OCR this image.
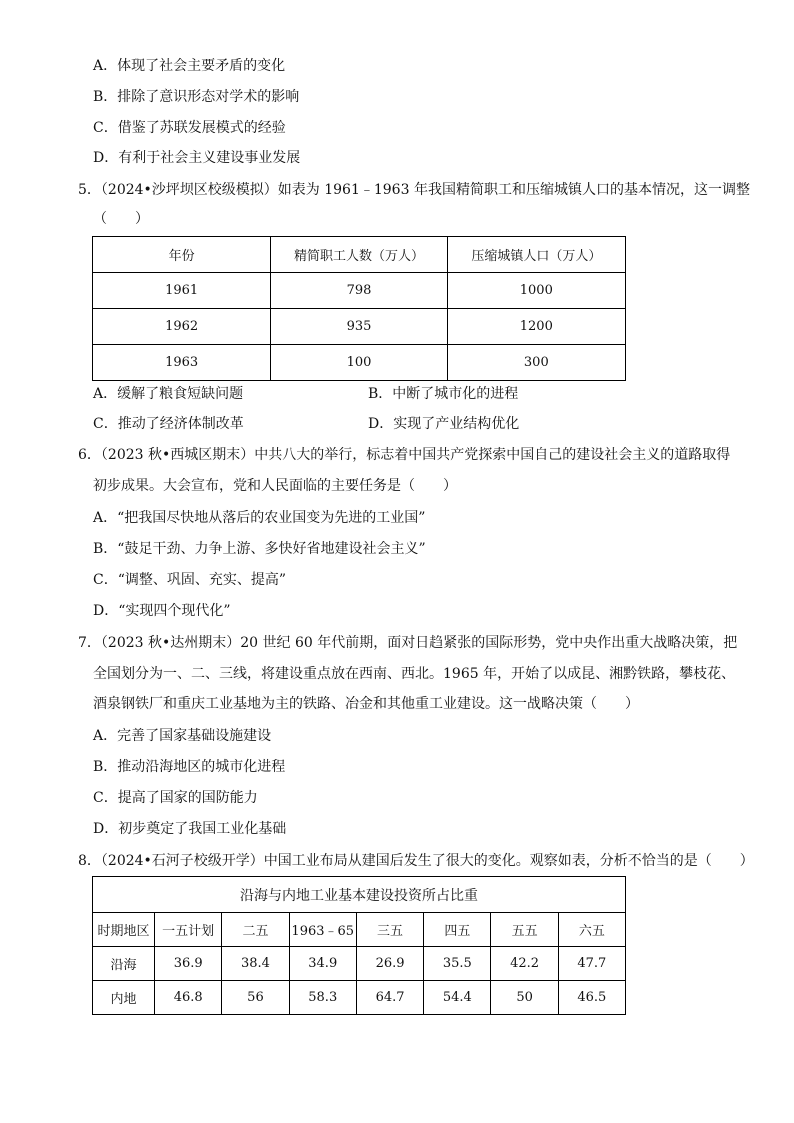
A．体现了社会主要矛盾的变化
B．排除了意识形态对学术的影响
C．借鉴了苏联发展模式的经验
D．有利于社会主义建设事业发展
5．（2024•沙坪坝区校级模拟）如表为 1961﹣1963 年我国精简职工和压缩城镇人口的基本情况，这一调整
（　　）
年份	精简职工人数（万人）	压缩城镇人口（万人）
1961	798	1000
1962	935	1200
1963	100	300
A．缓解了粮食短缺问题	B．中断了城市化的进程
C．推动了经济体制改革	D．实现了产业结构优化
6．（2023 秋•西城区期末）中共八大的举行，标志着中国共产党探索中国自己的建设社会主义的道路取得
初步成果。大会宣布，党和人民面临的主要任务是（　　）
A．“把我国尽快地从落后的农业国变为先进的工业国”
B．“鼓足干劲、力争上游、多快好省地建设社会主义”
C．“调整、巩固、充实、提高”
D．“实现四个现代化”
7．（2023 秋•达州期末）20 世纪 60 年代前期，面对日趋紧张的国际形势，党中央作出重大战略决策，把
全国划分为一、二、三线，将建设重点放在西南、西北。1965 年，开始了以成昆、湘黔铁路，攀枝花、
酒泉钢铁厂和重庆工业基地为主的铁路、冶金和其他重工业建设。这一战略决策（　　）
A．完善了国家基础设施建设
B．推动沿海地区的城市化进程
C．提高了国家的国防能力
D．初步奠定了我国工业化基础
8．（2024•石河子校级开学）中国工业布局从建国后发生了很大的变化。观察如表，分析不恰当的是（　　）
沿海与内地工业基本建设投资所占比重							
时期地区	一五计划	二五	1963﹣65	三五	四五	五五	六五
沿海	36.9	38.4	34.9	26.9	35.5	42.2	47.7
内地	46.8	56	58.3	64.7	54.4	50	46.5
